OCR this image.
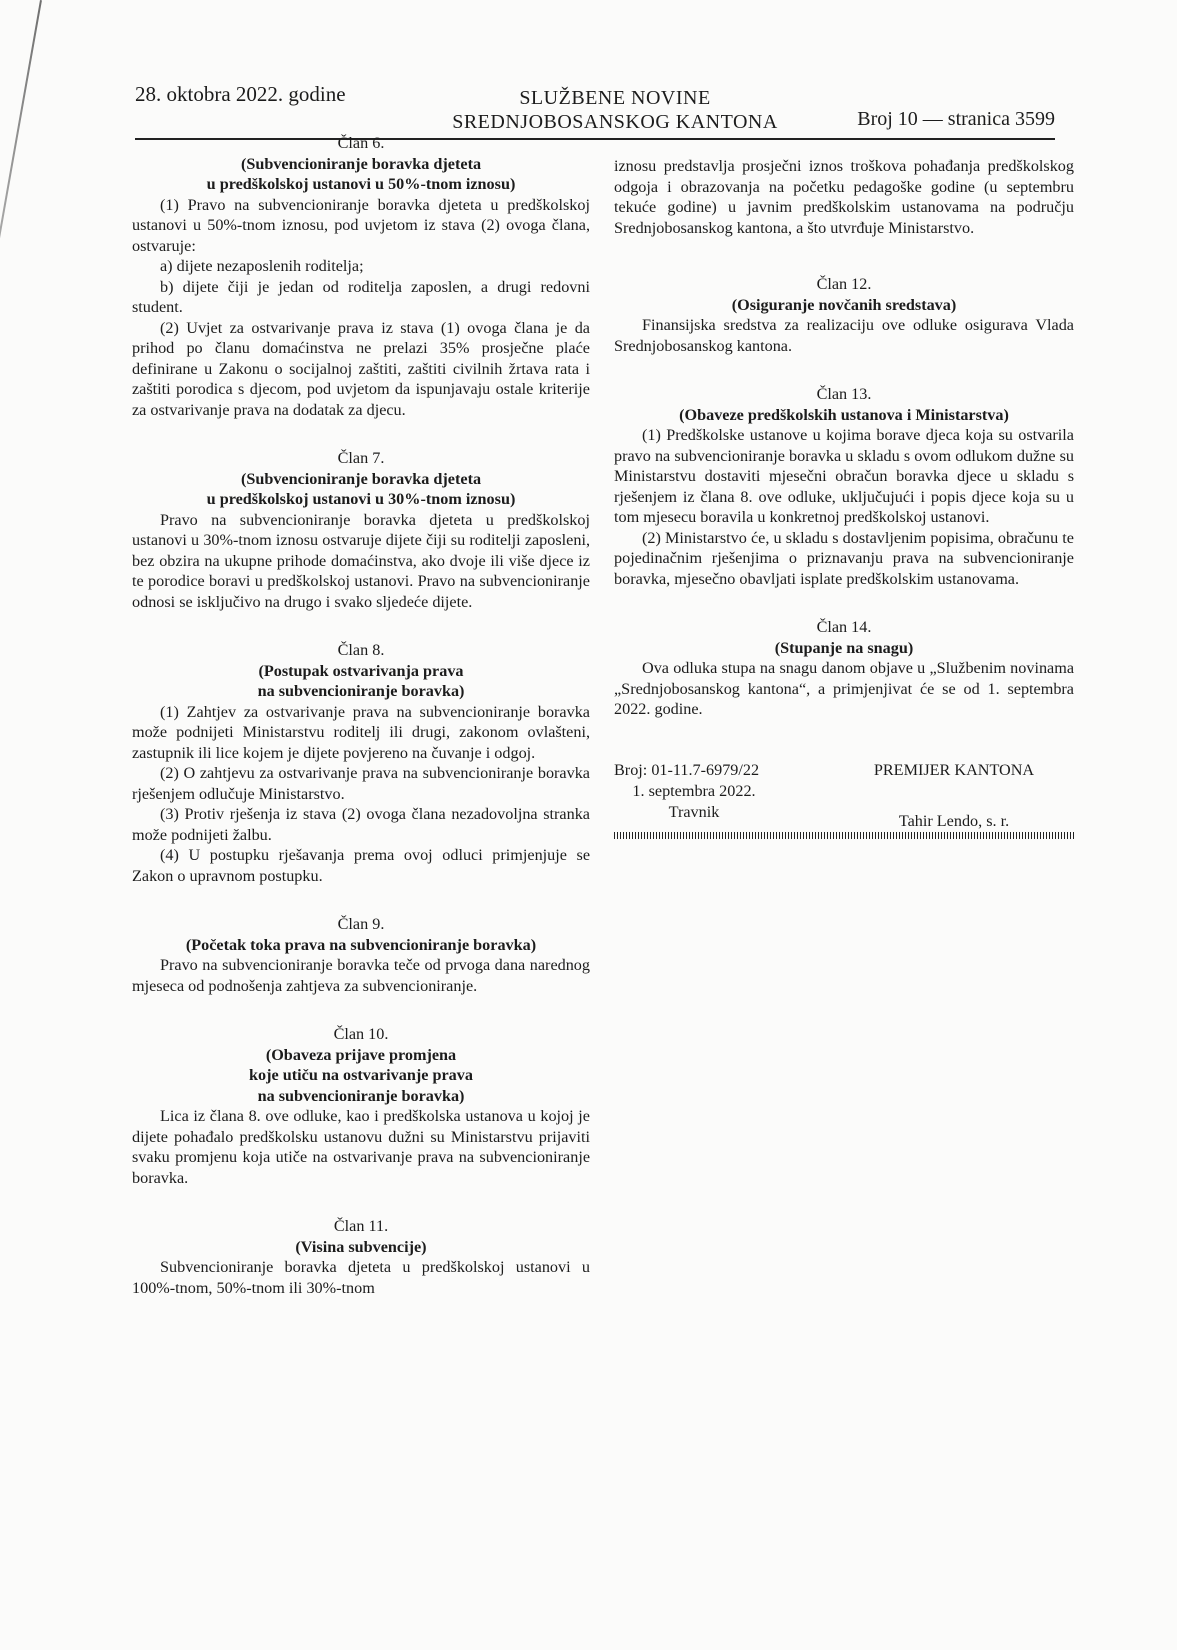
28. oktobra 2022. godine	SLUŽBENE NOVINE
SREDNJOBOSANSKOG KANTONA	Broj 10 — stranica 3599
Član 6.
(Subvencioniranje boravka djeteta
u predškolskoj ustanovi u 50%-tnom iznosu)

(1) Pravo na subvencioniranje boravka djeteta u predškolskoj ustanovi u 50%-tnom iznosu, pod uvjetom iz stava (2) ovoga člana, ostvaruje:

a) dijete nezaposlenih roditelja;

b) dijete čiji je jedan od roditelja zaposlen, a drugi redovni student.

(2) Uvjet za ostvarivanje prava iz stava (1) ovoga člana je da prihod po članu domaćinstva ne prelazi 35% prosječne plaće definirane u Zakonu o socijalnoj zaštiti, zaštiti civilnih žrtava rata i zaštiti porodica s djecom, pod uvjetom da ispunjavaju ostale kriterije za ostvarivanje prava na dodatak za djecu.

Član 7.
(Subvencioniranje boravka djeteta
u predškolskoj ustanovi u 30%-tnom iznosu)

Pravo na subvencioniranje boravka djeteta u predškolskoj ustanovi u 30%-tnom iznosu ostvaruje dijete čiji su roditelji zaposleni, bez obzira na ukupne prihode domaćinstva, ako dvoje ili više djece iz te porodice boravi u predškolskoj ustanovi. Pravo na subvencioniranje odnosi se isključivo na drugo i svako sljedeće dijete.

Član 8.
(Postupak ostvarivanja prava
na subvencioniranje boravka)

(1) Zahtjev za ostvarivanje prava na subvencioniranje boravka može podnijeti Ministarstvu roditelj ili drugi, zakonom ovlašteni, zastupnik ili lice kojem je dijete povjereno na čuvanje i odgoj.

(2) O zahtjevu za ostvarivanje prava na subvencioniranje boravka rješenjem odlučuje Ministarstvo.

(3) Protiv rješenja iz stava (2) ovoga člana nezadovoljna stranka može podnijeti žalbu.

(4) U postupku rješavanja prema ovoj odluci primjenjuje se Zakon o upravnom postupku.

Član 9.
(Početak toka prava na subvencioniranje boravka)

Pravo na subvencioniranje boravka teče od prvoga dana narednog mjeseca od podnošenja zahtjeva za subvencioniranje.

Član 10.
(Obaveza prijave promjena
koje utiču na ostvarivanje prava
na subvencioniranje boravka)

Lica iz člana 8. ove odluke, kao i predškolska ustanova u kojoj je dijete pohađalo predškolsku ustanovu dužni su Ministarstvu prijaviti svaku promjenu koja utiče na ostvarivanje prava na subvencioniranje boravka.

Član 11.
(Visina subvencije)

Subvencioniranje boravka djeteta u predškolskoj ustanovi u 100%-tnom, 50%-tnom ili 30%-tnom

iznosu predstavlja prosječni iznos troškova pohađanja predškolskog odgoja i obrazovanja na početku pedagoške godine (u septembru tekuće godine) u javnim predškolskim ustanovama na području Srednjobosanskog kantona, a što utvrđuje Ministarstvo.

Član 12.
(Osiguranje novčanih sredstava)

Finansijska sredstva za realizaciju ove odluke osigurava Vlada Srednjobosanskog kantona.

Član 13.
(Obaveze predškolskih ustanova i Ministarstva)

(1) Predškolske ustanove u kojima borave djeca koja su ostvarila pravo na subvencioniranje boravka u skladu s ovom odlukom dužne su Ministarstvu dostaviti mjesečni obračun boravka djece u skladu s rješenjem iz člana 8. ove odluke, uključujući i popis djece koja su u tom mjesecu boravila u konkretnoj predškolskoj ustanovi.

(2) Ministarstvo će, u skladu s dostavljenim popisima, obračunu te pojedinačnim rješenjima o priznavanju prava na subvencioniranje boravka, mjesečno obavljati isplate predškolskim ustanovama.

Član 14.
(Stupanje na snagu)

Ova odluka stupa na snagu danom objave u „Službenim novinama „Srednjobosanskog kantona“, a primjenjivat će se od 1. septembra 2022. godine.

Broj: 01-11.7-6979/22
1. septembra 2022.
Travnik
PREMIJER KANTONA
Tahir Lendo, s. r.
